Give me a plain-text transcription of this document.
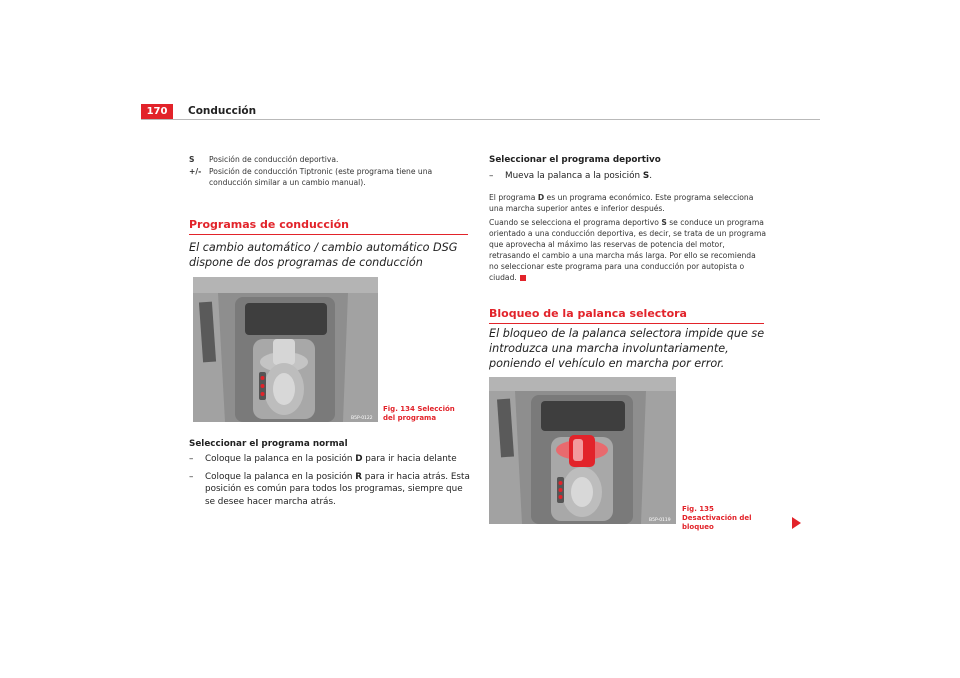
170	Conducción
S	Posición de conducción deportiva.
+/-	Posición de conducción Tiptronic (este programa tiene una conducción similar a un cambio manual).
Programas de conducción
El cambio automático / cambio automático DSG dispone de dos programas de conducción
B5P-0122
Fig. 134 Selección del programa
Seleccionar el programa normal
–	Coloque la palanca en la posición D para ir hacia delante
–	Coloque la palanca en la posición R para ir hacia atrás. Esta posición es común para todos los programas, siempre que se desee hacer marcha atrás.
Seleccionar el programa deportivo
–	Mueva la palanca a la posición S.
El programa D es un programa económico. Este programa selecciona una marcha superior antes e inferior después.
Cuando se selecciona el programa deportivo S se conduce un programa orientado a una conducción deportiva, es decir, se trata de un programa que aprovecha al máximo las reservas de potencia del motor, retrasando el cambio a una marcha más larga. Por ello se recomienda no seleccionar este programa para una conducción por autopista o ciudad.
Bloqueo de la palanca selectora
El bloqueo de la palanca selectora impide que se introduzca una marcha involuntariamente, poniendo el vehículo en marcha por error.
B5P-0119
Fig. 135 Desactivación del bloqueo
